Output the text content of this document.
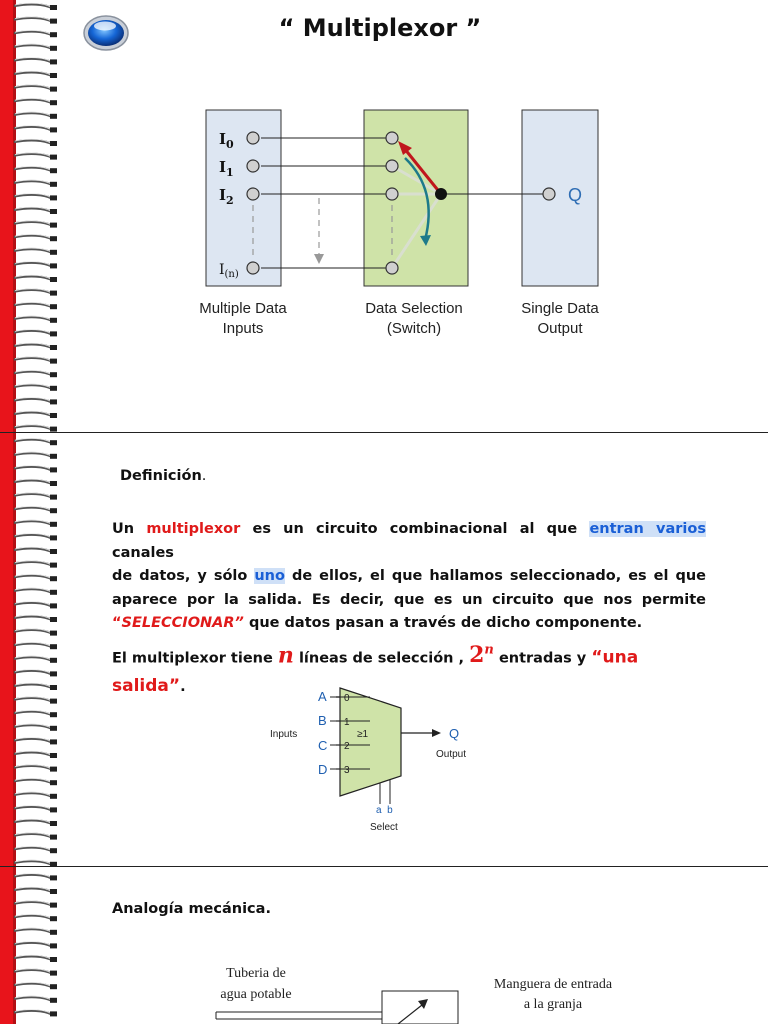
“ Multiplexor ”
$I_0$
$I_1$
$I_2$
$I_{(n)}$
Q
Multiple Data
Inputs
Data Selection
(Switch)
Single Data
Output
Definición.
Un multiplexor es un circuito combinacional al que entran varios canales
de datos, y sólo uno de ellos, el que hallamos seleccionado, es el que
aparece por la salida. Es decir, que es un circuito que nos permite
“SELECCIONAR” que datos pasan a través de dicho componente.
El multiplexor tiene n líneas de selección , 2$^n$ entradas y “una salida”.
A
B
C
D
0
1
2
3
≥1	Q
Output
Inputs
a  b
Select
Analogía mecánica.
Tuberia de
agua potable
Manguera de entrada
a la granja
